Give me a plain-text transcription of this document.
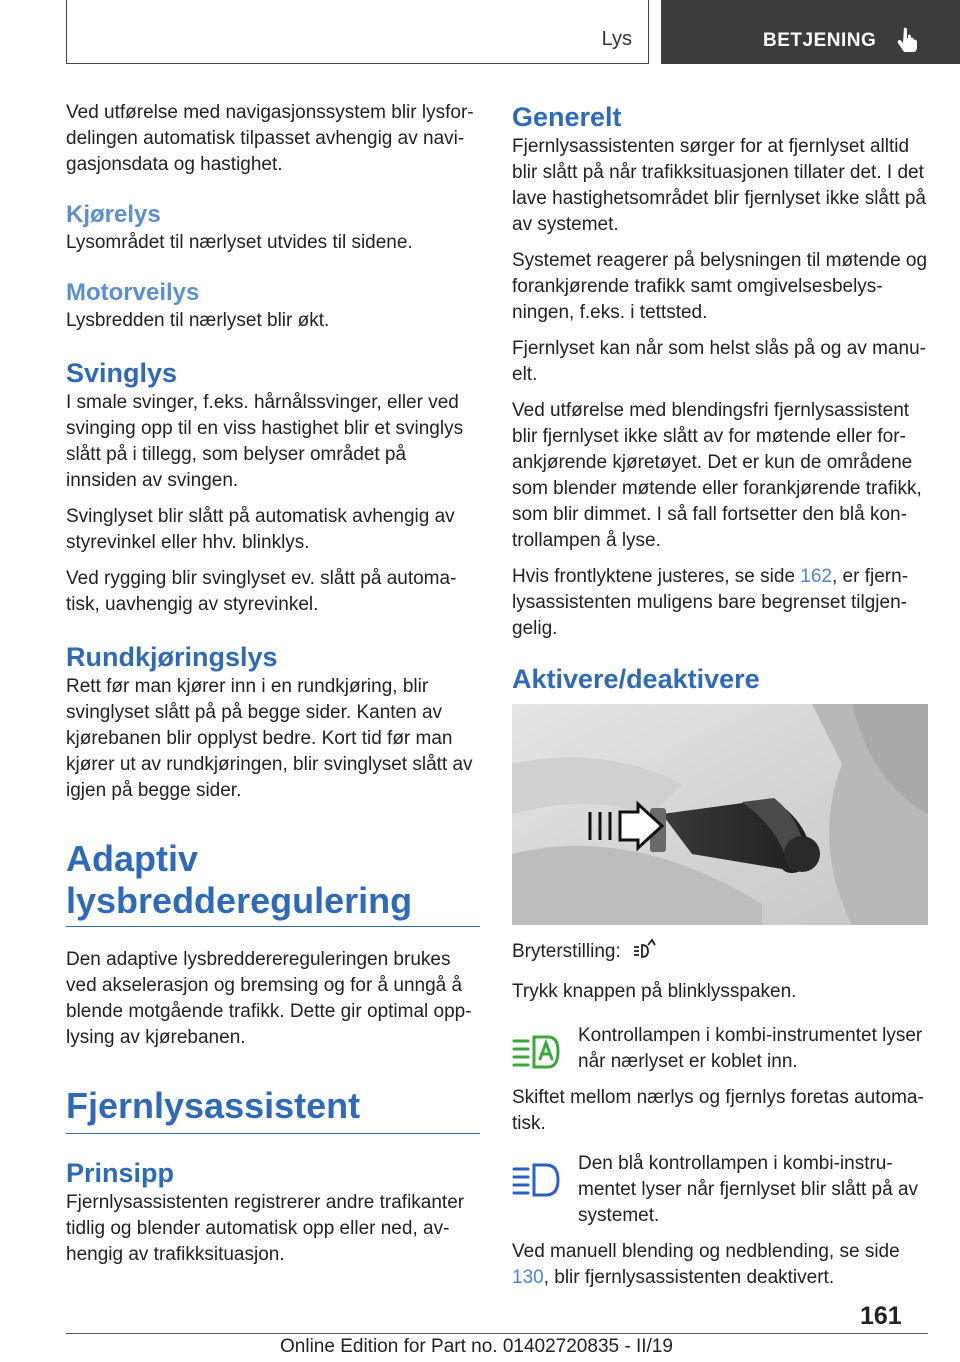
Lys	BETJENING

Ved utførelse med navigasjonssystem blir lysfordelingen automatisk tilpasset avhengig av navigasjonsdata og hastighet.

Kjørelys

Lysområdet til nærlyset utvides til sidene.

Motorveilys

Lysbredden til nærlyset blir økt.

Svinglys

I smale svinger, f.eks. hårnålssvinger, eller ved svinging opp til en viss hastighet blir et svinglys slått på i tillegg, som belyser området på innsiden av svingen.

Svinglyset blir slått på automatisk avhengig av styrevinkel eller hhv. blinklys.

Ved rygging blir svinglyset ev. slått på automatisk, uavhengig av styrevinkel.

Rundkjøringslys

Rett før man kjører inn i en rundkjøring, blir svinglyset slått på på begge sider. Kanten av kjørebanen blir opplyst bedre. Kort tid før man kjører ut av rundkjøringen, blir svinglyset slått av igjen på begge sider.

Adaptiv
lysbredderegulering

Den adaptive lysbredderereguleringen brukes ved akselerasjon og bremsing og for å unngå å blende motgående trafikk. Dette gir optimal opplysing av kjørebanen.

Fjernlysassistent
Prinsipp

Fjernlysassistenten registrerer andre trafikanter tidlig og blender automatisk opp eller ned, avhengig av trafikksituasjon.

Generelt

Fjernlysassistenten sørger for at fjernlyset alltid blir slått på når trafikksituasjonen tillater det. I det lave hastighetsområdet blir fjernlyset ikke slått på av systemet.

Systemet reagerer på belysningen til møtende og forankjørende trafikk samt omgivelsesbelysningen, f.eks. i tettsted.

Fjernlyset kan når som helst slås på og av manuelt.

Ved utførelse med blendingsfri fjernlysassistent blir fjernlyset ikke slått av for møtende eller forankjørende kjøretøyet. Det er kun de områdene som blender møtende eller forankjørende trafikk, som blir dimmet. I så fall fortsetter den blå kontrollampen å lyse.

Hvis frontlyktene justeres, se side 162, er fjernlysassistenten muligens bare begrenset tilgjengelig.

Aktivere/deaktivere

Bryterstilling:

Trykk knappen på blinklysspaken.

Kontrollampen i kombi-instrumentet lyser når nærlyset er koblet inn.

Skiftet mellom nærlys og fjernlys foretas automatisk.

Den blå kontrollampen i kombi-instrumentet lyser når fjernlyset blir slått på av systemet.

Ved manuell blending og nedblending, se side 130, blir fjernlysassistenten deaktivert.

161
Online Edition for Part no. 01402720835 - II/19
